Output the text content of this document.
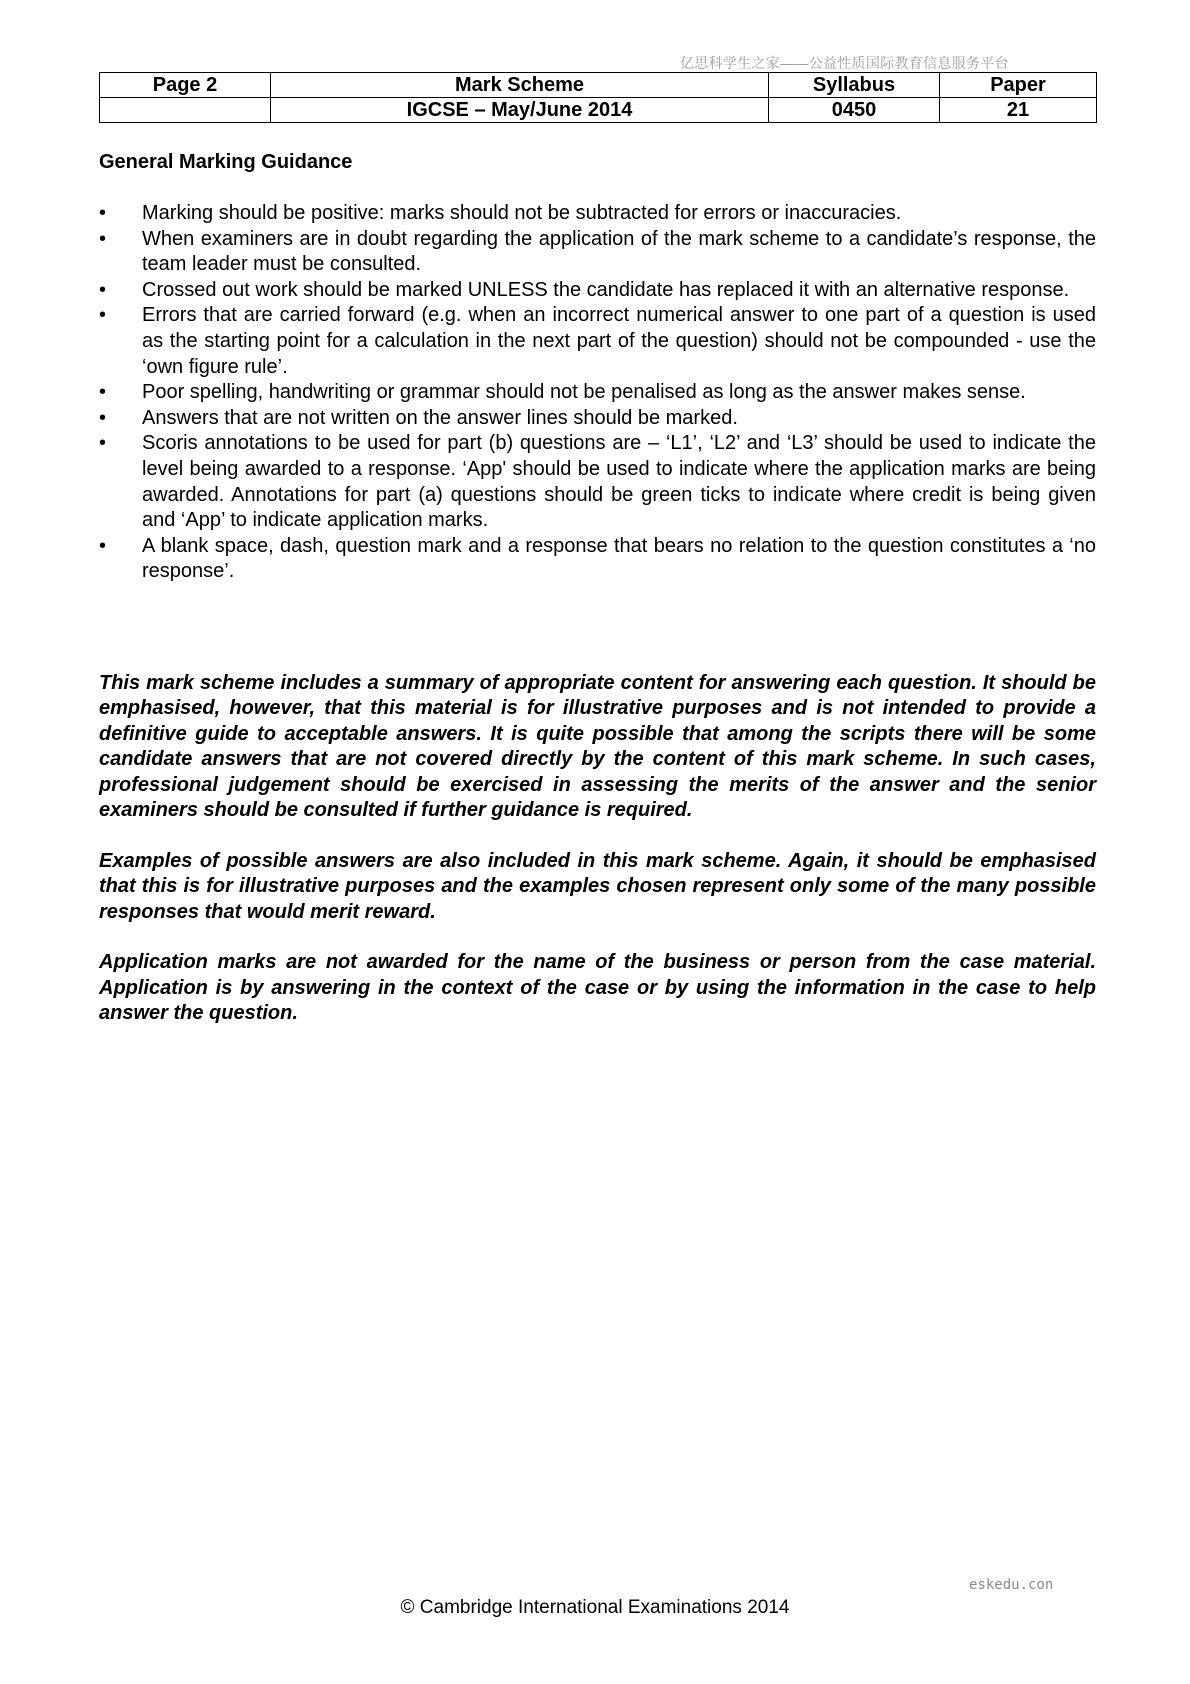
亿思科学生之家——公益性质国际教育信息服务平台
Page 2	Mark Scheme	Syllabus	Paper
	IGCSE – May/June 2014	0450	21
General Marking Guidance
•	Marking should be positive: marks should not be subtracted for errors or inaccuracies.
•	When examiners are in doubt regarding the application of the mark scheme to a candidate’s response, the team leader must be consulted.
•	Crossed out work should be marked UNLESS the candidate has replaced it with an alternative response.
•	Errors that are carried forward (e.g. when an incorrect numerical answer to one part of a question is used as the starting point for a calculation in the next part of the question) should not be compounded - use the ‘own figure rule’.
•	Poor spelling, handwriting or grammar should not be penalised as long as the answer makes sense.
•	Answers that are not written on the answer lines should be marked.
•	Scoris annotations to be used for part (b) questions are – ‘L1’, ‘L2’ and ‘L3’ should be used to indicate the level being awarded to a response. ‘App' should be used to indicate where the application marks are being awarded. Annotations for part (a) questions should be green ticks to indicate where credit is being given and ‘App’ to indicate application marks.
•	A blank space, dash, question mark and a response that bears no relation to the question constitutes a ‘no response’.

This mark scheme includes a summary of appropriate content for answering each question. It should be emphasised, however, that this material is for illustrative purposes and is not intended to provide a definitive guide to acceptable answers. It is quite possible that among the scripts there will be some candidate answers that are not covered directly by the content of this mark scheme. In such cases, professional judgement should be exercised in assessing the merits of the answer and the senior examiners should be consulted if further guidance is required.

Examples of possible answers are also included in this mark scheme. Again, it should be emphasised that this is for illustrative purposes and the examples chosen represent only some of the many possible responses that would merit reward.

Application marks are not awarded for the name of the business or person from the case material. Application is by answering in the context of the case or by using the information in the case to help answer the question.

eskedu.con
© Cambridge International Examinations 2014
